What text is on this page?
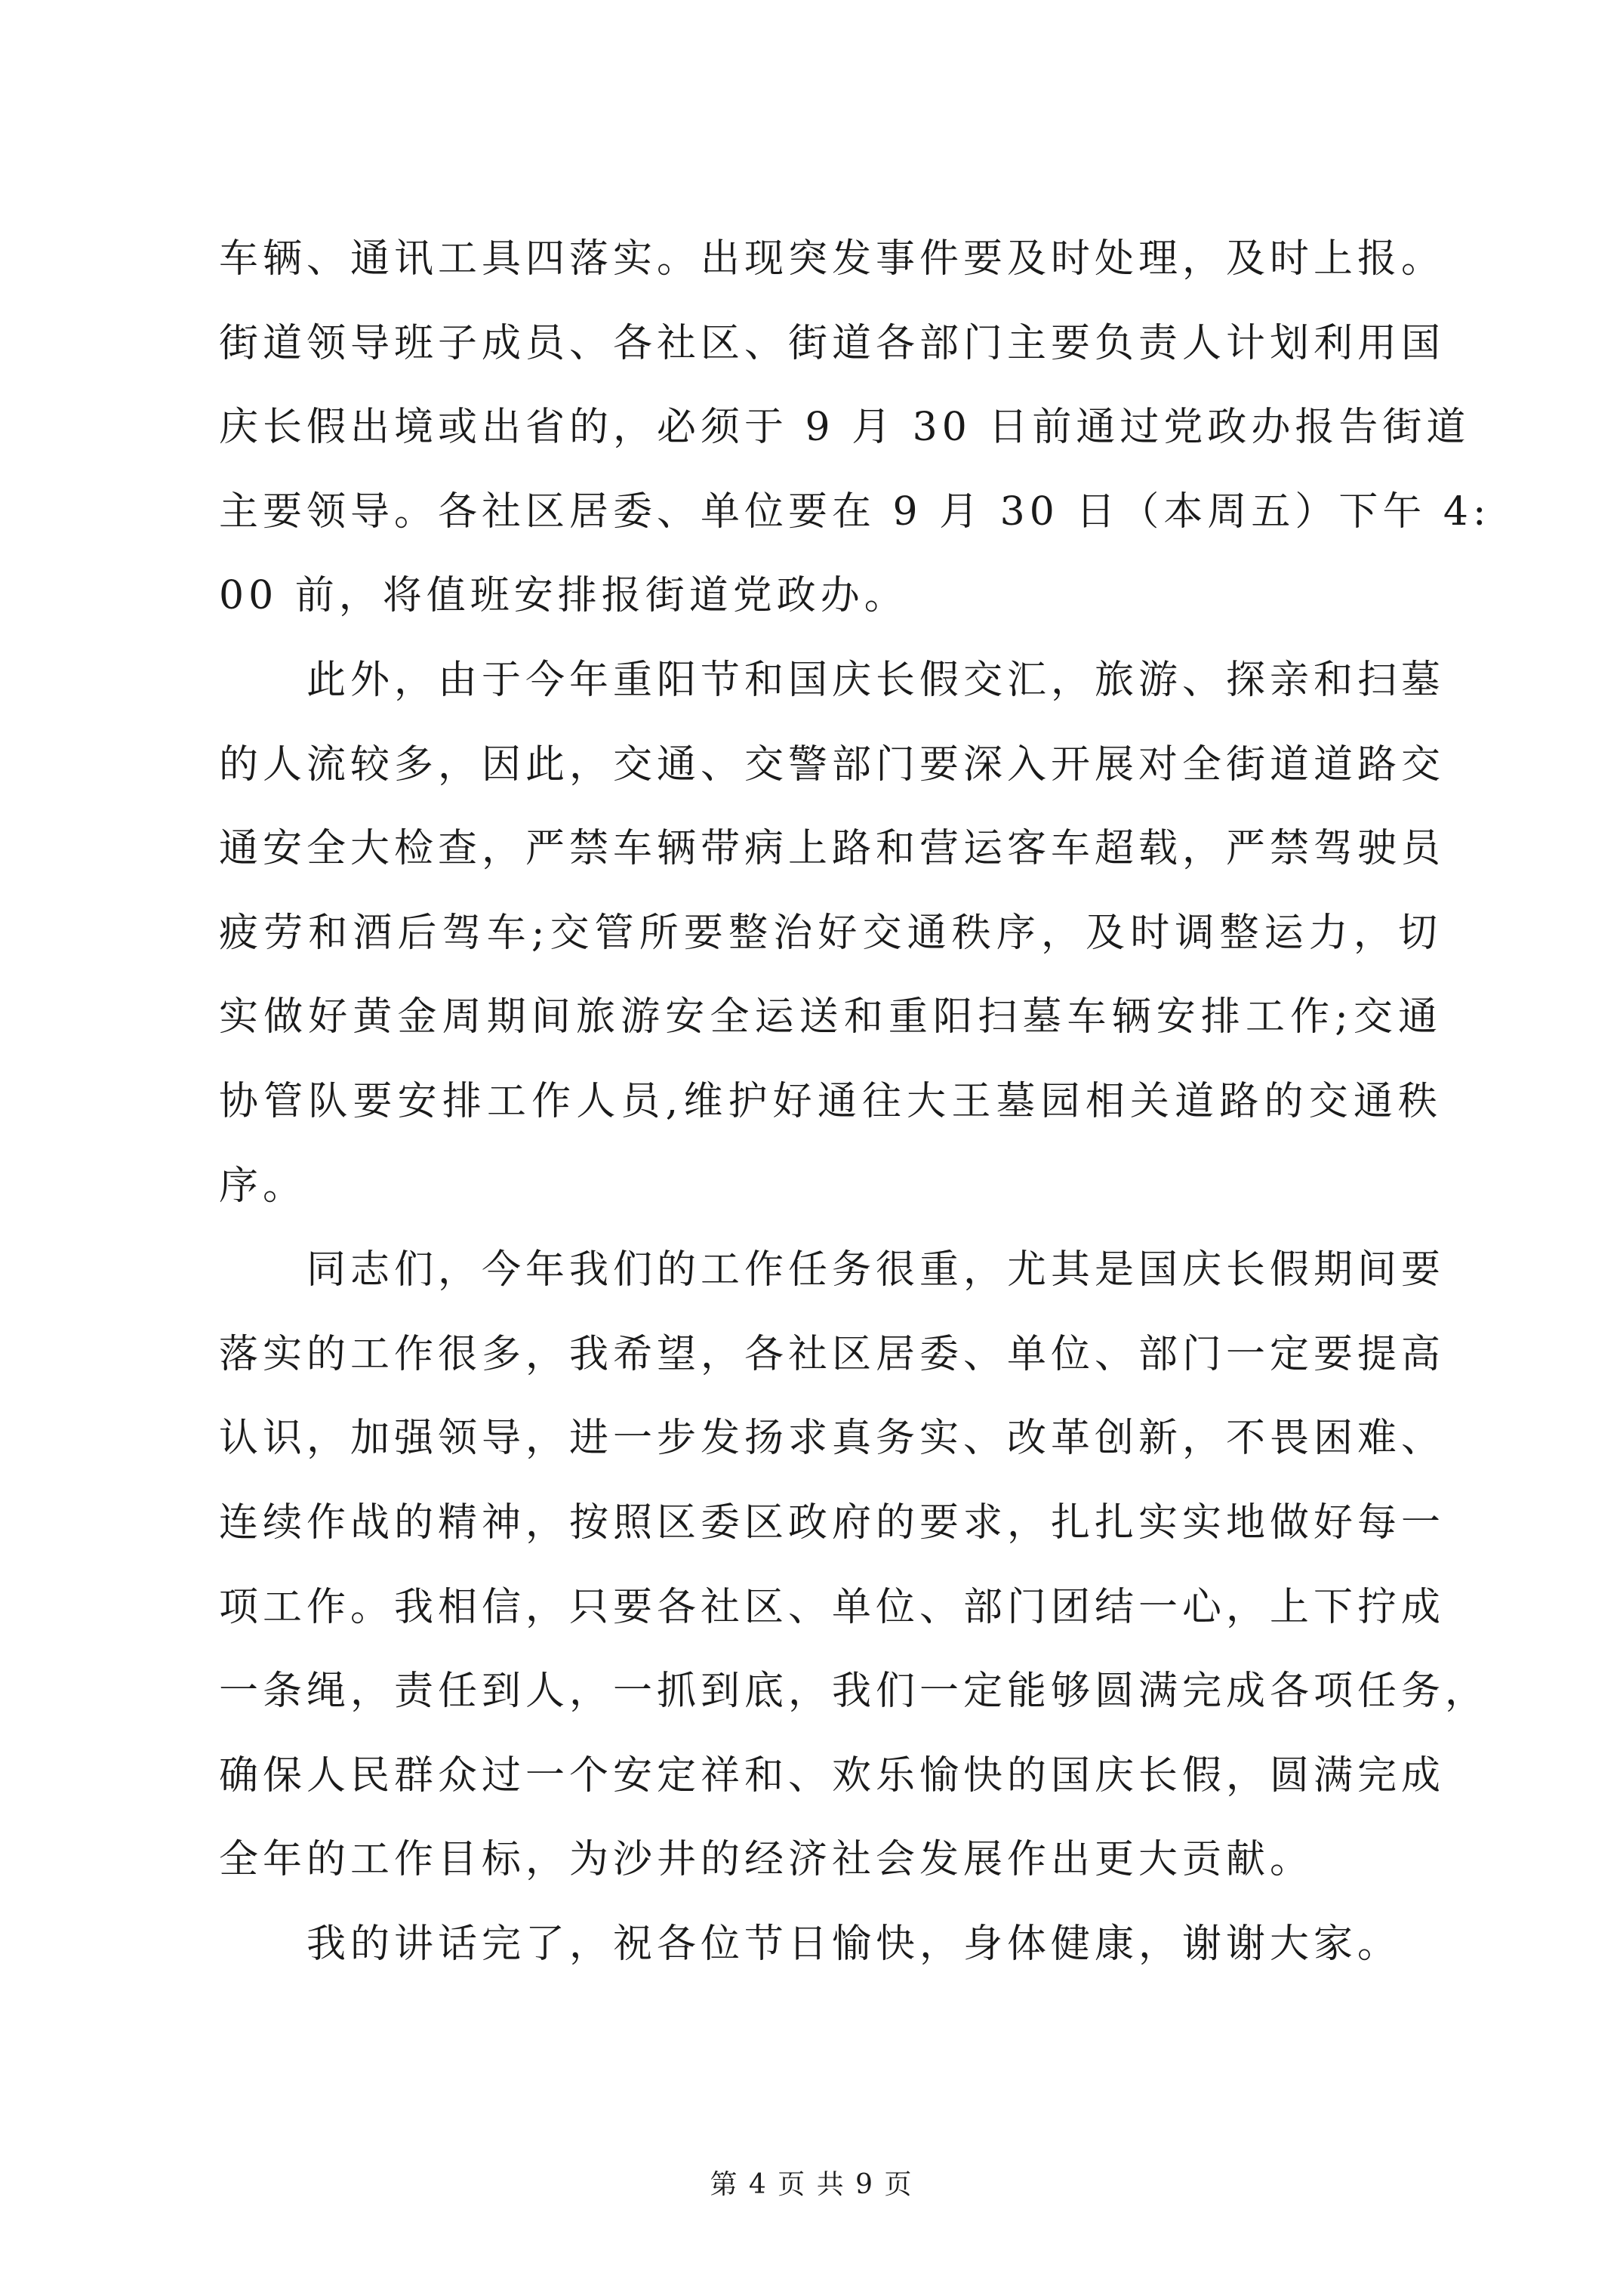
车辆、通讯工具四落实。出现突发事件要及时处理，及时上报。
街道领导班子成员、各社区、街道各部门主要负责人计划利用国
庆长假出境或出省的，必须于 9 月 30 日前通过党政办报告街道
主要领导。各社区居委、单位要在 9 月 30 日（本周五）下午 4:
00 前，将值班安排报街道党政办。
此外，由于今年重阳节和国庆长假交汇，旅游、探亲和扫墓
的人流较多，因此，交通、交警部门要深入开展对全街道道路交
通安全大检查，严禁车辆带病上路和营运客车超载，严禁驾驶员
疲劳和酒后驾车;交管所要整治好交通秩序，及时调整运力，切
实做好黄金周期间旅游安全运送和重阳扫墓车辆安排工作;交通
协管队要安排工作人员,维护好通往大王墓园相关道路的交通秩
序。
同志们，今年我们的工作任务很重，尤其是国庆长假期间要
落实的工作很多，我希望，各社区居委、单位、部门一定要提高
认识，加强领导，进一步发扬求真务实、改革创新，不畏困难、
连续作战的精神，按照区委区政府的要求，扎扎实实地做好每一
项工作。我相信，只要各社区、单位、部门团结一心，上下拧成
一条绳，责任到人，一抓到底，我们一定能够圆满完成各项任务，
确保人民群众过一个安定祥和、欢乐愉快的国庆长假，圆满完成
全年的工作目标，为沙井的经济社会发展作出更大贡献。
我的讲话完了，祝各位节日愉快，身体健康，谢谢大家。
第 4 页 共 9 页
